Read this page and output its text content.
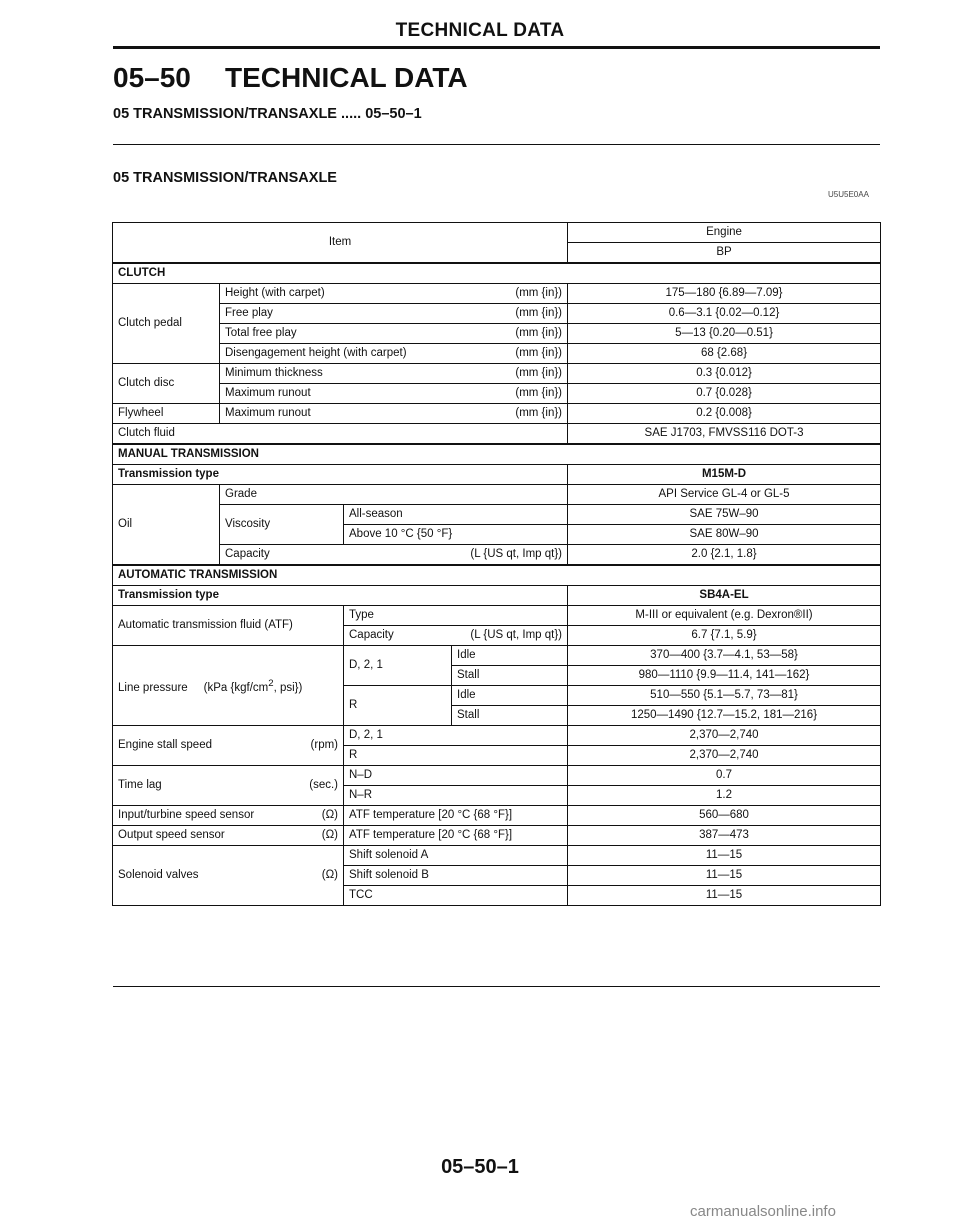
TECHNICAL DATA
05–50 TECHNICAL DATA
05 TRANSMISSION/TRANSAXLE ..... 05–50–1
05 TRANSMISSION/TRANSAXLE
U5U5E0AA
Item				Engine
				BP
CLUTCH				
Clutch pedal	Height (with carpet) (mm {in})			175—180 {6.89—7.09}
	Free play (mm {in})			0.6—3.1 {0.02—0.12}
	Total free play (mm {in})			5—13 {0.20—0.51}
	Disengagement height (with carpet) (mm {in})			68 {2.68}
Clutch disc	Minimum thickness (mm {in})			0.3 {0.012}
	Maximum runout (mm {in})			0.7 {0.028}
Flywheel	Maximum runout (mm {in})			0.2 {0.008}
Clutch fluid				SAE J1703, FMVSS116 DOT-3
MANUAL TRANSMISSION				
Transmission type				M15M-D
Oil	Grade			API Service GL-4 or GL-5
	Viscosity	All-season		SAE 75W–90
		Above 10 °C {50 °F}		SAE 80W–90
	Capacity (L {US qt, Imp qt})			2.0 {2.1, 1.8}
AUTOMATIC TRANSMISSION				
Transmission type				SB4A-EL
Automatic transmission fluid (ATF)		Type		M-III or equivalent (e.g. Dexron®II)
		Capacity (L {US qt, Imp qt})		6.7 {7.1, 5.9}
Line pressure (kPa {$kgf/cm^2$, psi})		D, 2, 1	Idle	370—400 {3.7—4.1, 53—58}
			Stall	980—1110 {9.9—11.4, 141—162}
		R	Idle	510—550 {5.1—5.7, 73—81}
			Stall	1250—1490 {12.7—15.2, 181—216}
Engine stall speed (rpm)		D, 2, 1		2,370—2,740
		R		2,370—2,740
Time lag (sec.)		N–D		0.7
		N–R		1.2
Input/turbine speed sensor (Ω)		ATF temperature [20 °C {68 °F}]		560—680
Output speed sensor (Ω)		ATF temperature [20 °C {68 °F}]		387—473
Solenoid valves (Ω)		Shift solenoid A		11—15
		Shift solenoid B		11—15
		TCC		11—15
05–50–1
carmanualsonline.info
